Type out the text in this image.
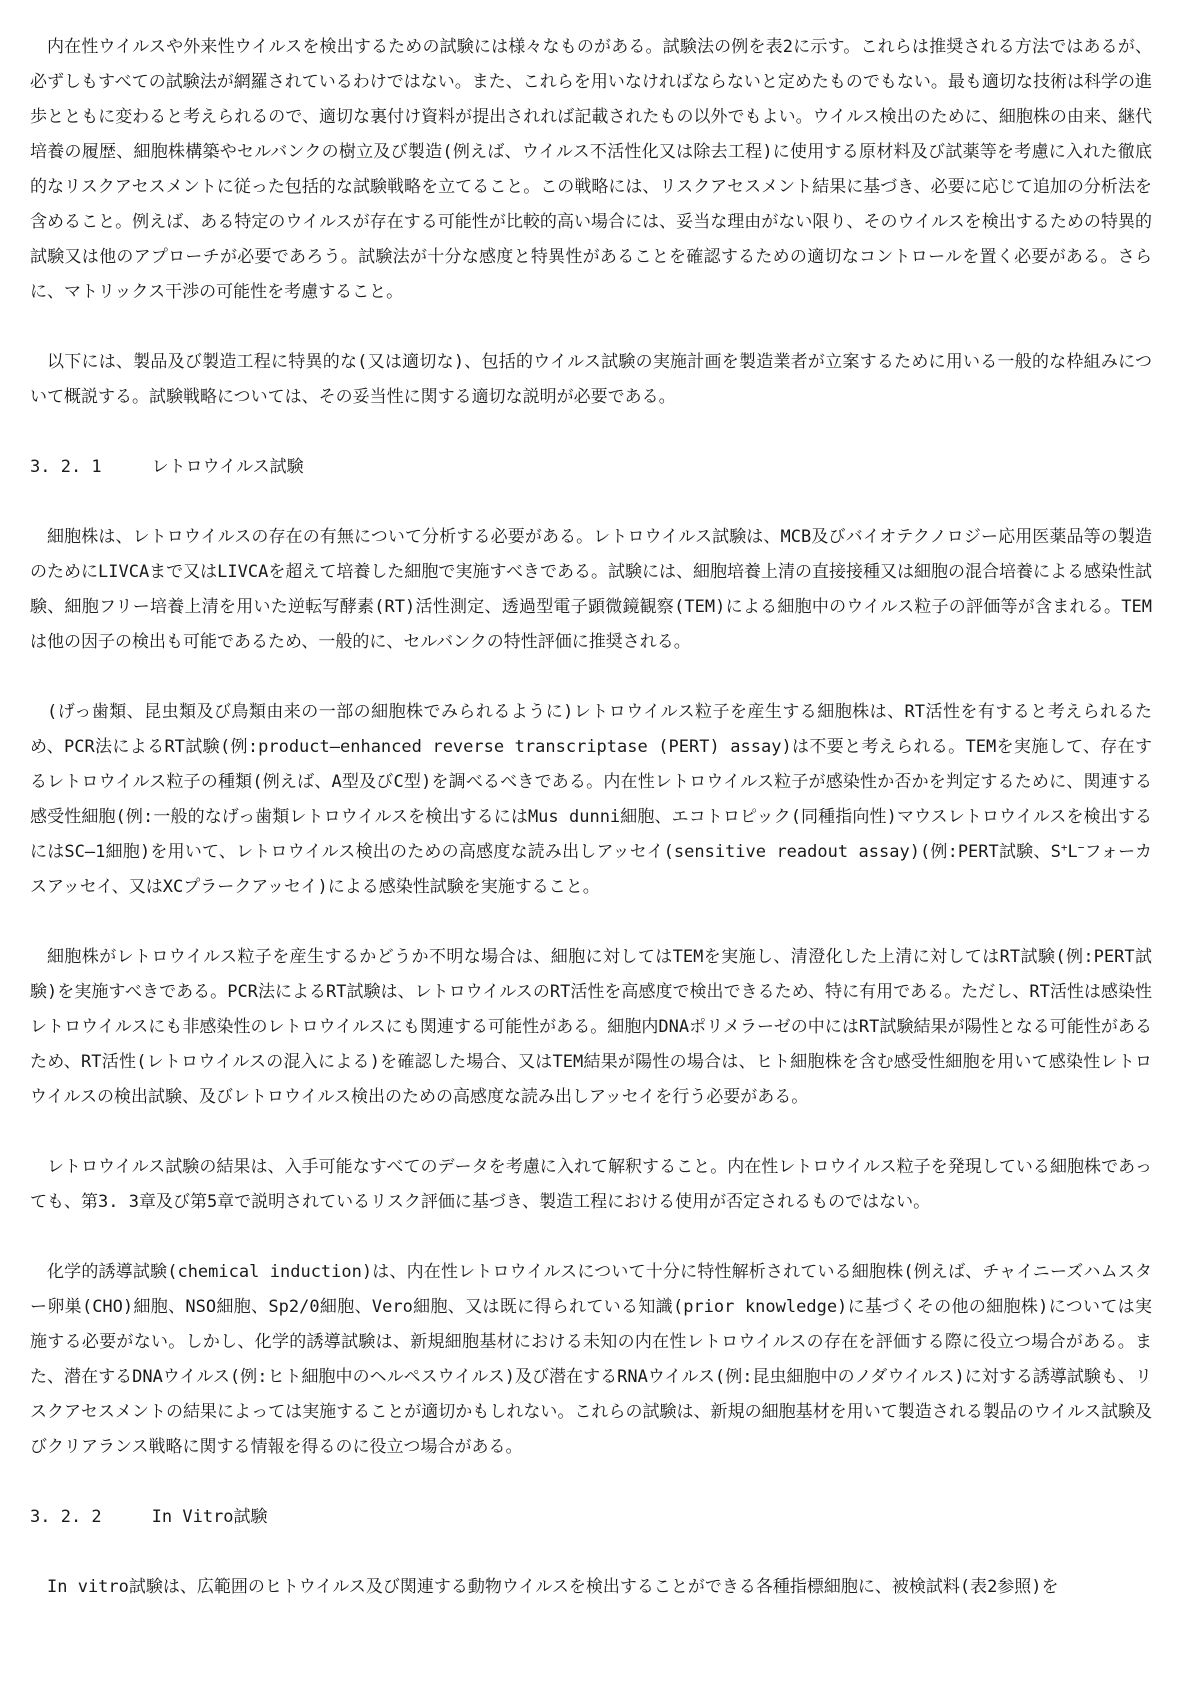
内在性ウイルスや外来性ウイルスを検出するための試験には様々なものがある。試験法の例を表2に示す。これらは推奨される方法ではあるが、必ずしもすべての試験法が網羅されているわけではない。また、これらを用いなければならないと定めたものでもない。最も適切な技術は科学の進歩とともに変わると考えられるので、適切な裏付け資料が提出されれば記載されたもの以外でもよい。ウイルス検出のために、細胞株の由来、継代培養の履歴、細胞株構築やセルバンクの樹立及び製造(例えば、ウイルス不活性化又は除去工程)に使用する原材料及び試薬等を考慮に入れた徹底的なリスクアセスメントに従った包括的な試験戦略を立てること。この戦略には、リスクアセスメント結果に基づき、必要に応じて追加の分析法を含めること。例えば、ある特定のウイルスが存在する可能性が比較的高い場合には、妥当な理由がない限り、そのウイルスを検出するための特異的試験又は他のアプローチが必要であろう。試験法が十分な感度と特異性があることを確認するための適切なコントロールを置く必要がある。さらに、マトリックス干渉の可能性を考慮すること。

以下には、製品及び製造工程に特異的な(又は適切な)、包括的ウイルス試験の実施計画を製造業者が立案するために用いる一般的な枠組みについて概説する。試験戦略については、その妥当性に関する適切な説明が必要である。

3. 2. 1	レトロウイルス試験

細胞株は、レトロウイルスの存在の有無について分析する必要がある。レトロウイルス試験は、MCB及びバイオテクノロジー応用医薬品等の製造のためにLIVCAまで又はLIVCAを超えて培養した細胞で実施すべきである。試験には、細胞培養上清の直接接種又は細胞の混合培養による感染性試験、細胞フリー培養上清を用いた逆転写酵素(RT)活性測定、透過型電子顕微鏡観察(TEM)による細胞中のウイルス粒子の評価等が含まれる。TEMは他の因子の検出も可能であるため、一般的に、セルバンクの特性評価に推奨される。

(げっ歯類、昆虫類及び鳥類由来の一部の細胞株でみられるように)レトロウイルス粒子を産生する細胞株は、RT活性を有すると考えられるため、PCR法によるRT試験(例:product—enhanced reverse transcriptase (PERT) assay)は不要と考えられる。TEMを実施して、存在するレトロウイルス粒子の種類(例えば、A型及びC型)を調べるべきである。内在性レトロウイルス粒子が感染性か否かを判定するために、関連する感受性細胞(例:一般的なげっ歯類レトロウイルスを検出するにはMus dunni細胞、エコトロピック(同種指向性)マウスレトロウイルスを検出するにはSC—1細胞)を用いて、レトロウイルス検出のための高感度な読み出しアッセイ(sensitive readout assay)(例:PERT試験、S+L−フォーカスアッセイ、又はXCプラークアッセイ)による感染性試験を実施すること。

細胞株がレトロウイルス粒子を産生するかどうか不明な場合は、細胞に対してはTEMを実施し、清澄化した上清に対してはRT試験(例:PERT試験)を実施すべきである。PCR法によるRT試験は、レトロウイルスのRT活性を高感度で検出できるため、特に有用である。ただし、RT活性は感染性レトロウイルスにも非感染性のレトロウイルスにも関連する可能性がある。細胞内DNAポリメラーゼの中にはRT試験結果が陽性となる可能性があるため、RT活性(レトロウイルスの混入による)を確認した場合、又はTEM結果が陽性の場合は、ヒト細胞株を含む感受性細胞を用いて感染性レトロウイルスの検出試験、及びレトロウイルス検出のための高感度な読み出しアッセイを行う必要がある。

レトロウイルス試験の結果は、入手可能なすべてのデータを考慮に入れて解釈すること。内在性レトロウイルス粒子を発現している細胞株であっても、第3. 3章及び第5章で説明されているリスク評価に基づき、製造工程における使用が否定されるものではない。

化学的誘導試験(chemical induction)は、内在性レトロウイルスについて十分に特性解析されている細胞株(例えば、チャイニーズハムスター卵巣(CHO)細胞、NSO細胞、Sp2/0細胞、Vero細胞、又は既に得られている知識(prior knowledge)に基づくその他の細胞株)については実施する必要がない。しかし、化学的誘導試験は、新規細胞基材における未知の内在性レトロウイルスの存在を評価する際に役立つ場合がある。また、潜在するDNAウイルス(例:ヒト細胞中のヘルペスウイルス)及び潜在するRNAウイルス(例:昆虫細胞中のノダウイルス)に対する誘導試験も、リスクアセスメントの結果によっては実施することが適切かもしれない。これらの試験は、新規の細胞基材を用いて製造される製品のウイルス試験及びクリアランス戦略に関する情報を得るのに役立つ場合がある。

3. 2. 2	In Vitro試験

In vitro試験は、広範囲のヒトウイルス及び関連する動物ウイルスを検出することができる各種指標細胞に、被検試料(表2参照)を
